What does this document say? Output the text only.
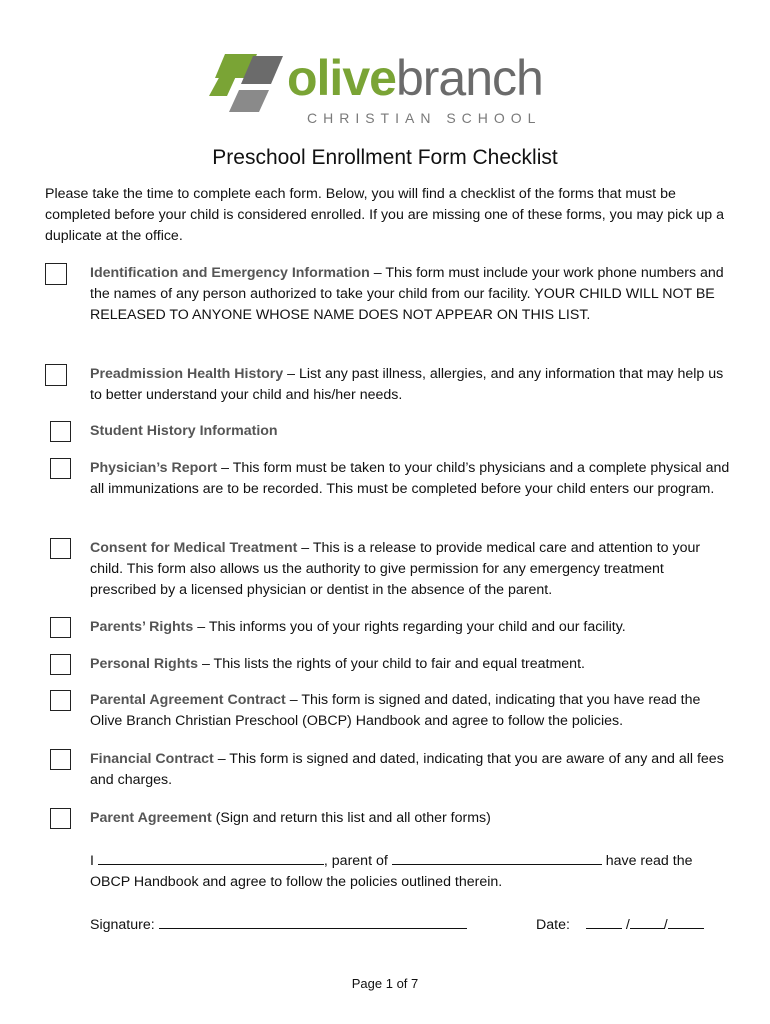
olivebranch
CHRISTIAN SCHOOL
Preschool Enrollment Form Checklist
Please take the time to complete each form. Below, you will find a checklist of the forms that must be completed before your child is considered enrolled. If you are missing one of these forms, you may pick up a duplicate at the office.
Identification and Emergency Information – This form must include your work phone numbers and the names of any person authorized to take your child from our facility. YOUR CHILD WILL NOT BE RELEASED TO ANYONE WHOSE NAME DOES NOT APPEAR ON THIS LIST.
Preadmission Health History – List any past illness, allergies, and any information that may help us to better understand your child and his/her needs.
Student History Information
Physician’s Report – This form must be taken to your child’s physicians and a complete physical and all immunizations are to be recorded. This must be completed before your child enters our program.
Consent for Medical Treatment – This is a release to provide medical care and attention to your child. This form also allows us the authority to give permission for any emergency treatment prescribed by a licensed physician or dentist in the absence of the parent.
Parents’ Rights – This informs you of your rights regarding your child and our facility.
Personal Rights – This lists the rights of your child to fair and equal treatment.
Parental Agreement Contract – This form is signed and dated, indicating that you have read the Olive Branch Christian Preschool (OBCP) Handbook and agree to follow the policies.
Financial Contract – This form is signed and dated, indicating that you are aware of any and all fees and charges.
Parent Agreement (Sign and return this list and all other forms)
I	, parent of	have read the
OBCP Handbook and agree to follow the policies outlined therein.
Signature:	Date:	/ /
Page 1 of 7
